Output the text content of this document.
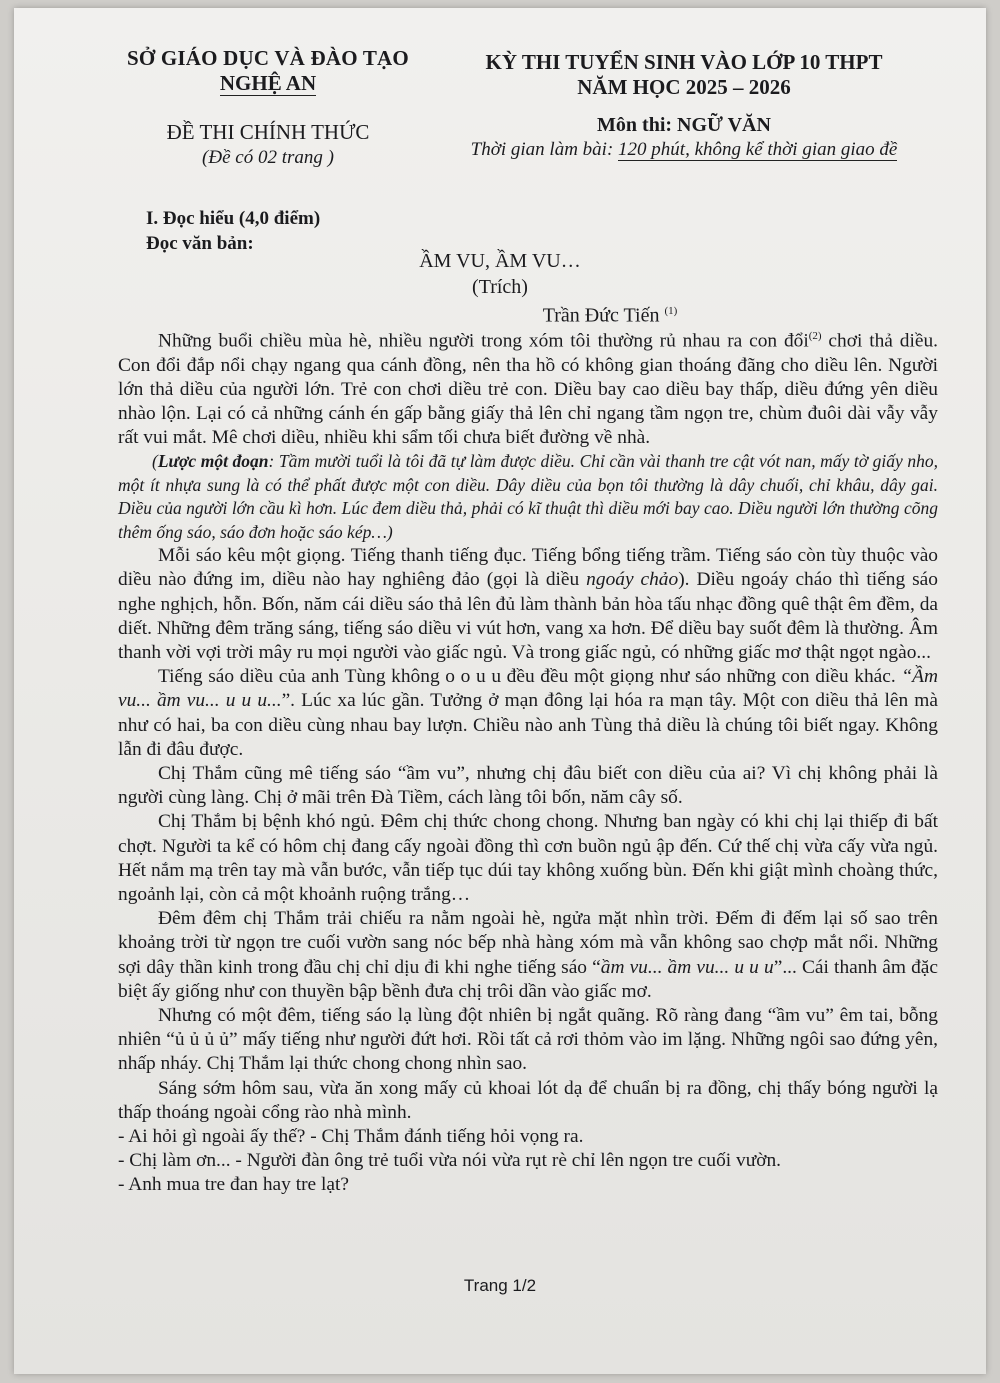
SỞ GIÁO DỤC VÀ ĐÀO TẠO
NGHỆ AN
ĐỀ THI CHÍNH THỨC
(Đề có 02 trang )
KỲ THI TUYỂN SINH VÀO LỚP 10 THPT
NĂM HỌC 2025 – 2026
Môn thi: NGỮ VĂN
Thời gian làm bài: 120 phút, không kể thời gian giao đề
I. Đọc hiểu (4,0 điểm)
Đọc văn bản:
ẦM VU, ẦM VU…
(Trích)
Trần Đức Tiến $^{(1)}$

Những buổi chiều mùa hè, nhiều người trong xóm tôi thường rủ nhau ra con đổi$^{(2)}$ chơi thả diều. Con đổi đắp nổi chạy ngang qua cánh đồng, nên tha hồ có không gian thoáng đãng cho diều lên. Người lớn thả diều của người lớn. Trẻ con chơi diều trẻ con. Diều bay cao diều bay thấp, diều đứng yên diều nhào lộn. Lại có cả những cánh én gấp bằng giấy thả lên chỉ ngang tầm ngọn tre, chùm đuôi dài vẫy vẫy rất vui mắt. Mê chơi diều, nhiều khi sẩm tối chưa biết đường về nhà.

(Lược một đoạn: Tầm mười tuổi là tôi đã tự làm được diều. Chỉ cần vài thanh tre cật vót nan, mấy tờ giấy nho, một ít nhựa sung là có thể phất được một con diều. Dây diều của bọn tôi thường là dây chuối, chỉ khâu, dây gai. Diều của người lớn cầu kì hơn. Lúc đem diều thả, phải có kĩ thuật thì diều mới bay cao. Diều người lớn thường cõng thêm ống sáo, sáo đơn hoặc sáo kép…)

Mỗi sáo kêu một giọng. Tiếng thanh tiếng đục. Tiếng bổng tiếng trầm. Tiếng sáo còn tùy thuộc vào diều nào đứng im, diều nào hay nghiêng đảo (gọi là diều ngoáy chảo). Diều ngoáy cháo thì tiếng sáo nghe nghịch, hỗn. Bốn, năm cái diều sáo thả lên đủ làm thành bản hòa tấu nhạc đồng quê thật êm đềm, da diết. Những đêm trăng sáng, tiếng sáo diều vi vút hơn, vang xa hơn. Để diều bay suốt đêm là thường. Âm thanh vời vợi trời mây ru mọi người vào giấc ngủ. Và trong giấc ngủ, có những giấc mơ thật ngọt ngào...

Tiếng sáo diều của anh Tùng không o o u u đều đều một giọng như sáo những con diều khác. “Ầm vu... ầm vu... u u u...”. Lúc xa lúc gần. Tưởng ở mạn đông lại hóa ra mạn tây. Một con diều thả lên mà như có hai, ba con diều cùng nhau bay lượn. Chiều nào anh Tùng thả diều là chúng tôi biết ngay. Không lẫn đi đâu được.

Chị Thắm cũng mê tiếng sáo “ầm vu”, nhưng chị đâu biết con diều của ai? Vì chị không phải là người cùng làng. Chị ở mãi trên Đà Tiềm, cách làng tôi bốn, năm cây số.

Chị Thắm bị bệnh khó ngủ. Đêm chị thức chong chong. Nhưng ban ngày có khi chị lại thiếp đi bất chợt. Người ta kể có hôm chị đang cấy ngoài đồng thì cơn buồn ngủ ập đến. Cứ thế chị vừa cấy vừa ngủ. Hết nắm mạ trên tay mà vẫn bước, vẫn tiếp tục dúi tay không xuống bùn. Đến khi giật mình choàng thức, ngoảnh lại, còn cả một khoảnh ruộng trắng…

Đêm đêm chị Thắm trải chiếu ra nằm ngoài hè, ngửa mặt nhìn trời. Đếm đi đếm lại số sao trên khoảng trời từ ngọn tre cuối vườn sang nóc bếp nhà hàng xóm mà vẫn không sao chợp mắt nổi. Những sợi dây thần kinh trong đầu chị chỉ dịu đi khi nghe tiếng sáo “ầm vu... ầm vu... u u u”... Cái thanh âm đặc biệt ấy giống như con thuyền bập bềnh đưa chị trôi dần vào giấc mơ.

Nhưng có một đêm, tiếng sáo lạ lùng đột nhiên bị ngắt quãng. Rõ ràng đang “ầm vu” êm tai, bỗng nhiên “ủ ủ ủ ủ” mấy tiếng như người đứt hơi. Rồi tất cả rơi thỏm vào im lặng. Những ngôi sao đứng yên, nhấp nháy. Chị Thắm lại thức chong chong nhìn sao.

Sáng sớm hôm sau, vừa ăn xong mấy củ khoai lót dạ để chuẩn bị ra đồng, chị thấy bóng người lạ thấp thoáng ngoài cổng rào nhà mình.

- Ai hỏi gì ngoài ấy thế? - Chị Thắm đánh tiếng hỏi vọng ra.

- Chị làm ơn... - Người đàn ông trẻ tuổi vừa nói vừa rụt rè chỉ lên ngọn tre cuối vườn.

- Anh mua tre đan hay tre lạt?

Trang 1/2
